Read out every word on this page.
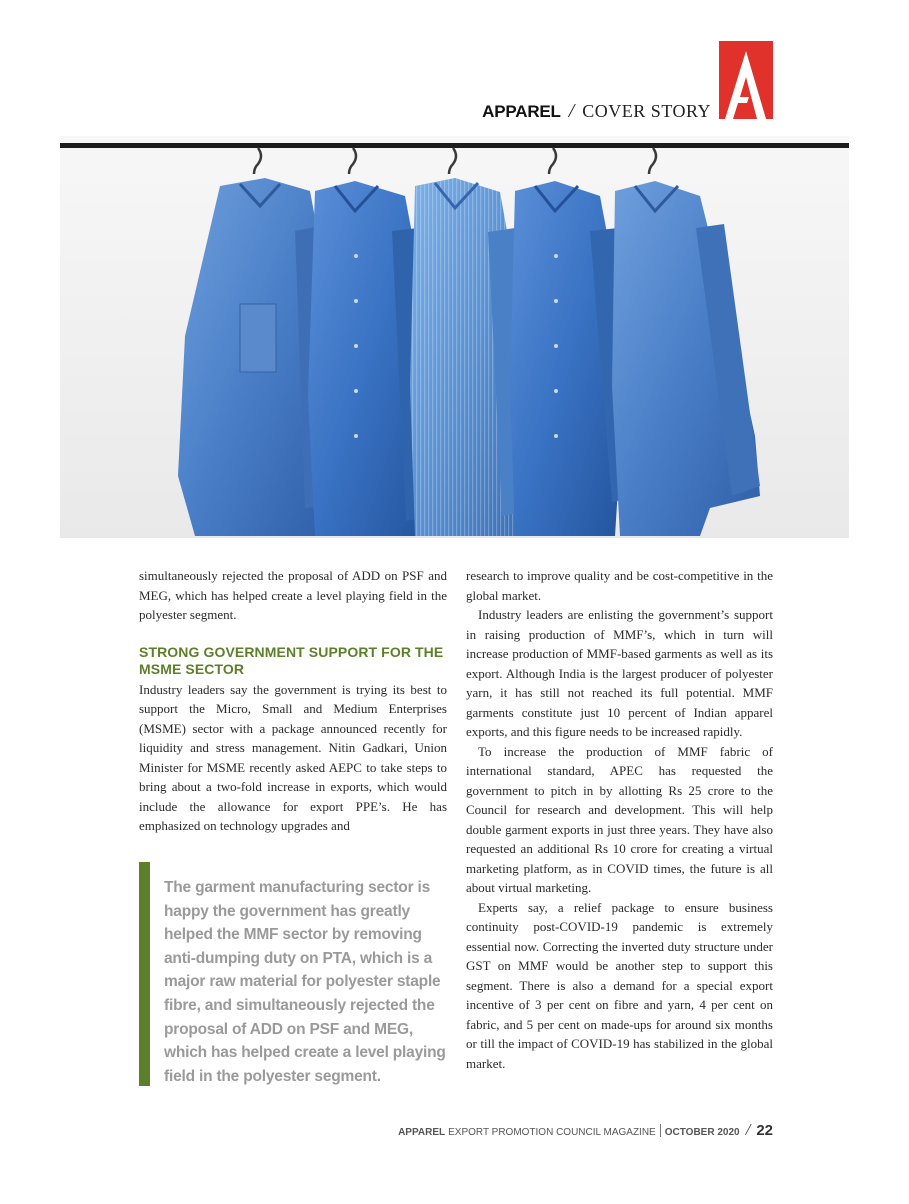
APPAREL / COVER STORY

simultaneously rejected the proposal of ADD on PSF and MEG, which has helped create a level playing field in the polyester segment.

STRONG GOVERNMENT SUPPORT FOR THE MSME SECTOR

Industry leaders say the government is trying its best to support the Micro, Small and Medium Enterprises (MSME) sector with a package announced recently for liquidity and stress management. Nitin Gadkari, Union Minister for MSME recently asked AEPC to take steps to bring about a two-fold increase in exports, which would include the allowance for export PPE’s. He has emphasized on technology upgrades and

The garment manufacturing sector is happy the government has greatly helped the MMF sector by removing anti-dumping duty on PTA, which is a major raw material for polyester staple fibre, and simultaneously rejected the proposal of ADD on PSF and MEG, which has helped create a level playing field in the polyester segment.

research to improve quality and be cost-competitive in the global market.

Industry leaders are enlisting the government’s support in raising production of MMF’s, which in turn will increase production of MMF-based garments as well as its export. Although India is the largest producer of polyester yarn, it has still not reached its full potential. MMF garments constitute just 10 percent of Indian apparel exports, and this figure needs to be increased rapidly.

To increase the production of MMF fabric of international standard, APEC has requested the government to pitch in by allotting Rs 25 crore to the Council for research and development. This will help double garment exports in just three years. They have also requested an additional Rs 10 crore for creating a virtual marketing platform, as in COVID times, the future is all about virtual marketing.

Experts say, a relief package to ensure business continuity post-COVID-19 pandemic is extremely essential now. Correcting the inverted duty structure under GST on MMF would be another step to support this segment. There is also a demand for a special export incentive of 3 per cent on fibre and yarn, 4 per cent on fabric, and 5 per cent on made-ups for around six months or till the impact of COVID-19 has stabilized in the global market.

APPAREL EXPORT PROMOTION COUNCIL MAGAZINE OCTOBER 2020 / 22
